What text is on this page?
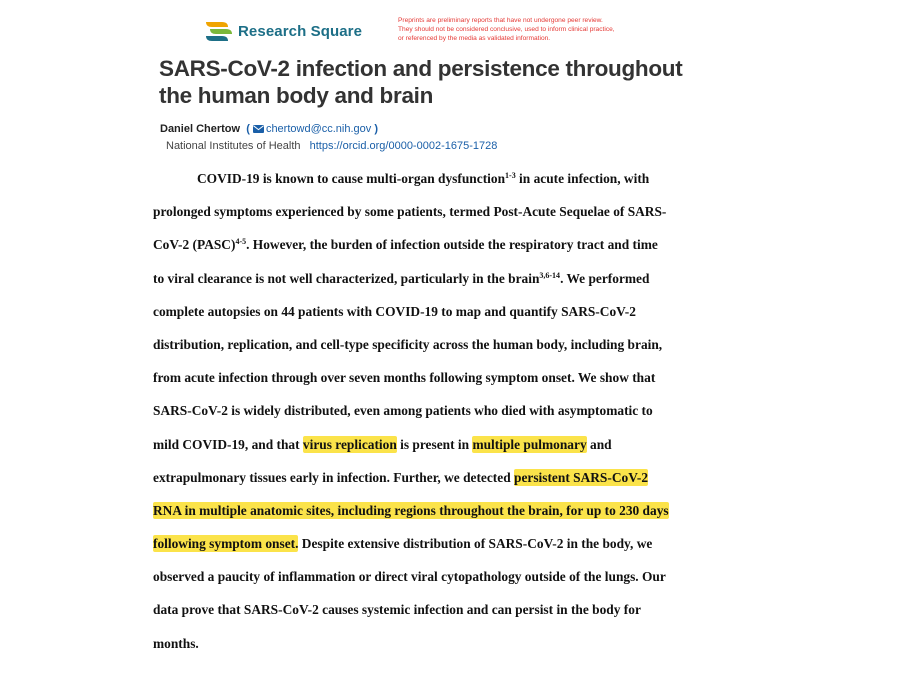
Research Square
Preprints are preliminary reports that have not undergone peer review.
They should not be considered conclusive, used to inform clinical practice,
or referenced by the media as validated information.
SARS-CoV-2 infection and persistence throughout
the human body and brain
Daniel Chertow  ( chertowd@cc.nih.gov )
National Institutes of Health https://orcid.org/0000-0002-1675-1728
COVID-19 is known to cause multi-organ dysfunction$^{1-3}$ in acute infection, with
prolonged symptoms experienced by some patients, termed Post-Acute Sequelae of SARS-
CoV-2 (PASC)$^{4-5}$. However, the burden of infection outside the respiratory tract and time
to viral clearance is not well characterized, particularly in the brain$^{3,6-14}$. We performed
complete autopsies on 44 patients with COVID-19 to map and quantify SARS-CoV-2
distribution, replication, and cell-type specificity across the human body, including brain,
from acute infection through over seven months following symptom onset. We show that
SARS-CoV-2 is widely distributed, even among patients who died with asymptomatic to
mild COVID-19, and that virus replication is present in multiple pulmonary and
extrapulmonary tissues early in infection. Further, we detected persistent SARS-CoV-2
RNA in multiple anatomic sites, including regions throughout the brain, for up to 230 days
following symptom onset. Despite extensive distribution of SARS-CoV-2 in the body, we
observed a paucity of inflammation or direct viral cytopathology outside of the lungs. Our
data prove that SARS-CoV-2 causes systemic infection and can persist in the body for
months.
